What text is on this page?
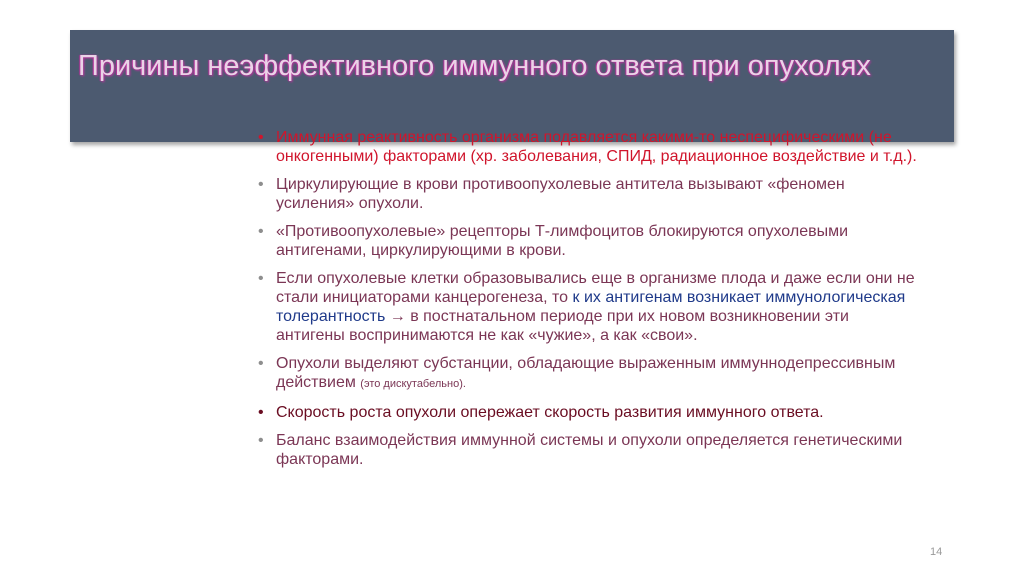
Причины неэффективного иммунного ответа при опухолях
• Иммунная реактивность организма подавляется какими-то неспецифическими (не онкогенными) факторами (хр. заболевания, СПИД, радиационное воздействие и т.д.).
• Циркулирующие в крови противоопухолевые антитела вызывают «феномен усиления» опухоли.
• «Противоопухолевые» рецепторы Т-лимфоцитов блокируются опухолевыми антигенами, циркулирующими в крови.
• Если опухолевые клетки образовывались еще в организме плода и даже если они не стали инициаторами канцерогенеза, то к их антигенам возникает иммунологическая толерантность → в постнатальном периоде при их новом возникновении эти антигены воспринимаются не как «чужие», а как «свои».
• Опухоли выделяют субстанции, обладающие выраженным иммуннодепрессивным действием (это дискутабельно).
• Скорость роста опухоли опережает скорость развития иммунного ответа.
• Баланс взаимодействия иммунной системы и опухоли определяется генетическими факторами.
14
